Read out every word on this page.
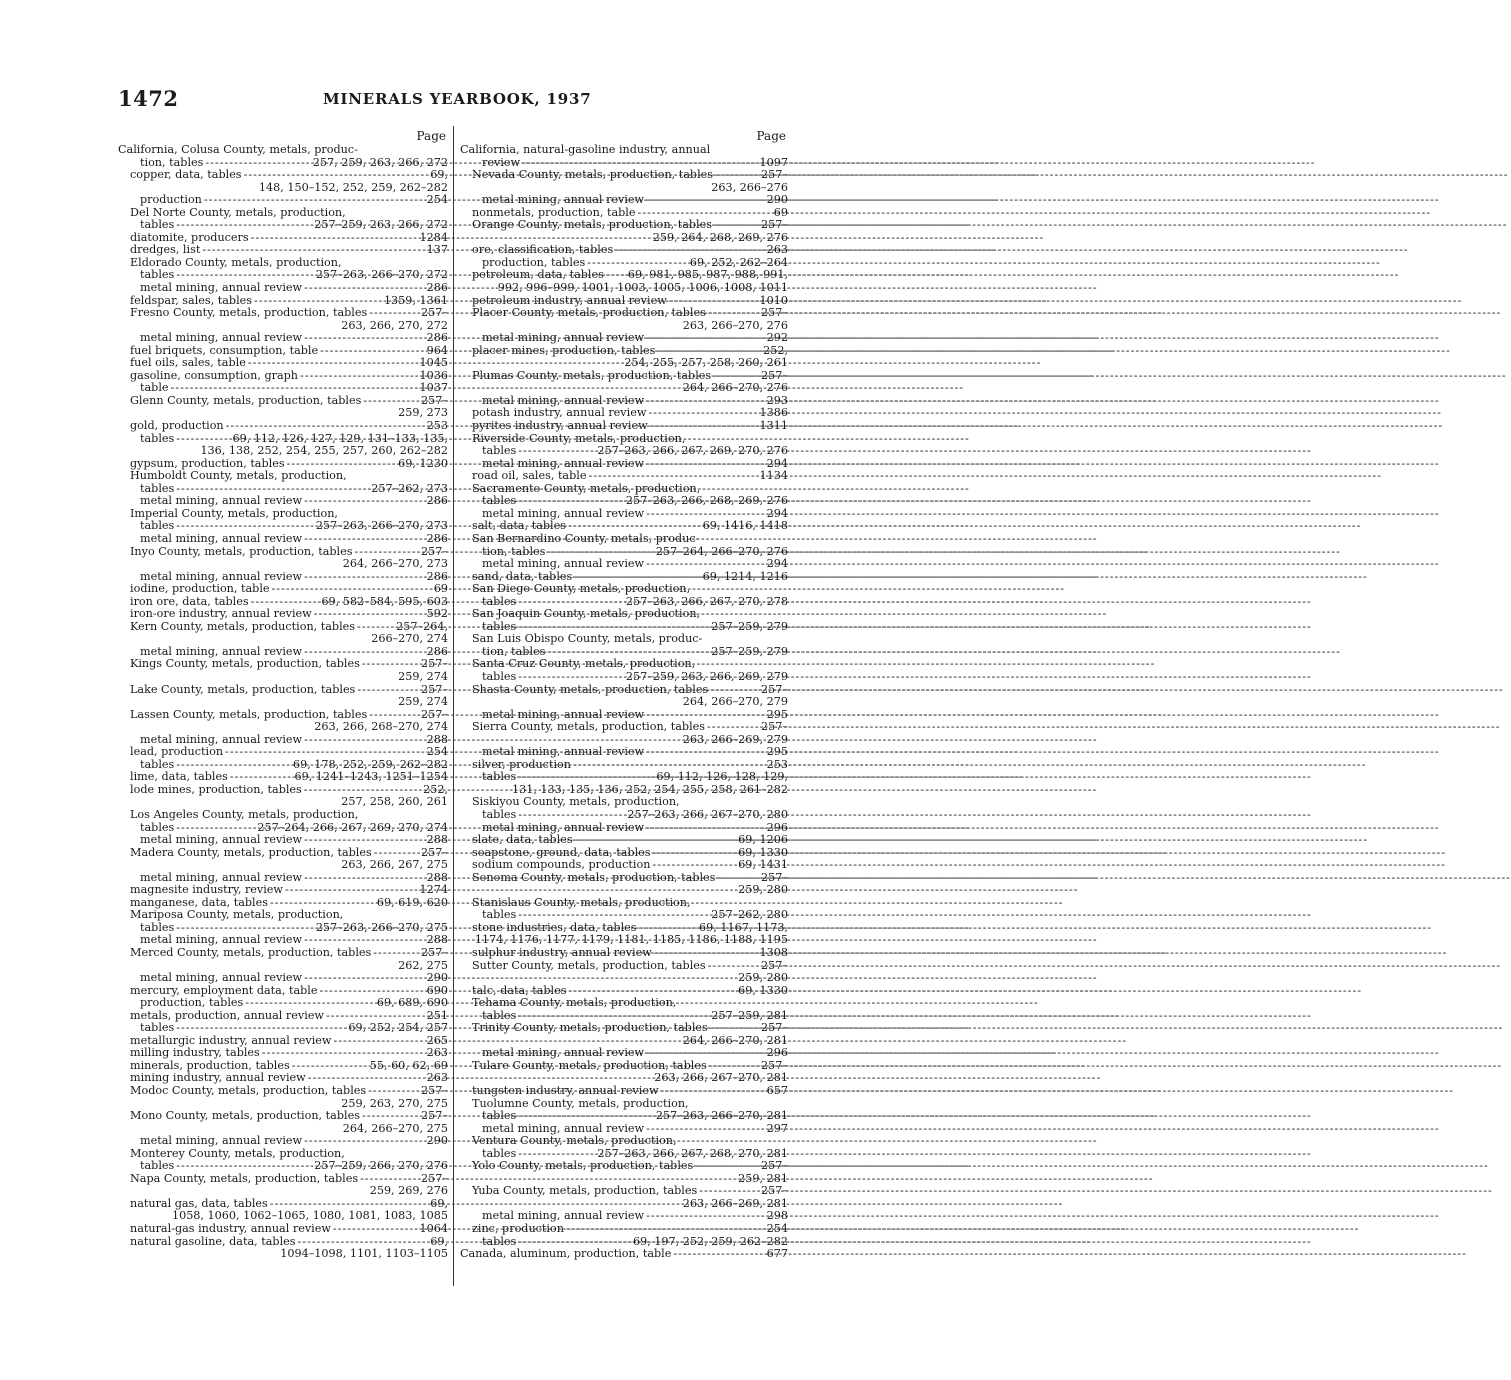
1472	MINERALS YEARBOOK, 1937
Page
California, Colusa County, metals, produc-
tion, tables -----	257, 259, 263, 266, 272
copper, data, tables -----	69,
148, 150–152, 252, 259, 262–282
production -----	254
Del Norte County, metals, production,
tables -----	257–259, 263, 266, 272
diatomite, producers -----	1284
dredges, list -----	137
Eldorado County, metals, production,
tables -----	257–263, 266–270, 272
metal mining, annual review -----	286
feldspar, sales, tables -----	1359, 1361
Fresno County, metals, production, tables -----	257–
263, 266, 270, 272
metal mining, annual review -----	286
fuel briquets, consumption, table -----	964
fuel oils, sales, table -----	1045
gasoline, consumption, graph -----	1036
table -----	1037
Glenn County, metals, production, tables -----	257–
259, 273
gold, production -----	253
tables -----	69, 112, 126, 127, 129, 131–133, 135,
136, 138, 252, 254, 255, 257, 260, 262–282
gypsum, production, tables -----	69, 1230
Humboldt County, metals, production,
tables -----	257–262, 273
metal mining, annual review -----	286
Imperial County, metals, production,
tables -----	257–263, 266–270, 273
metal mining, annual review -----	286
Inyo County, metals, production, tables -----	257–
264, 266–270, 273
metal mining, annual review -----	286
iodine, production, table -----	69
iron ore, data, tables -----	69, 582–584, 595, 603
iron-ore industry, annual review -----	592
Kern County, metals, production, tables -----	257–264,
266–270, 274
metal mining, annual review -----	286
Kings County, metals, production, tables -----	257–
259, 274
Lake County, metals, production, tables -----	257–
259, 274
Lassen County, metals, production, tables -----	257–
263, 266, 268–270, 274
metal mining, annual review -----	288
lead, production -----	254
tables -----	69, 178, 252, 259, 262–282
lime, data, tables -----	69, 1241–1243, 1251–1254
lode mines, production, tables -----	252,
257, 258, 260, 261
Los Angeles County, metals, production,
tables -----	257–264, 266, 267, 269, 270, 274
metal mining, annual review -----	288
Madera County, metals, production, tables -----	257–
263, 266, 267, 275
metal mining, annual review -----	288
magnesite industry, review -----	1274
manganese, data, tables -----	69, 619, 620
Mariposa County, metals, production,
tables -----	257–263, 266–270, 275
metal mining, annual review -----	288
Merced County, metals, production, tables -----	257–
262, 275
metal mining, annual review -----	290
mercury, employment data, table -----	690
production, tables -----	69, 689, 690
metals, production, annual review -----	251
tables -----	69, 252, 254, 257
metallurgic industry, annual review -----	265
milling industry, tables -----	263
minerals, production, tables -----	55, 60, 62, 69
mining industry, annual review -----	263
Modoc County, metals, production, tables -----	257–
259, 263, 270, 275
Mono County, metals, production, tables -----	257–
264, 266–270, 275
metal mining, annual review -----	290
Monterey County, metals, production,
tables -----	257–259, 266, 270, 276
Napa County, metals, production, tables -----	257–
259, 269, 276
natural gas, data, tables -----	69,
1058, 1060, 1062–1065, 1080, 1081, 1083, 1085
natural-gas industry, annual review -----	1064
natural gasoline, data, tables -----	69,
1094–1098, 1101, 1103–1105
Page
California, natural-gasoline industry, annual
review -----	1097
Nevada County, metals, production, tables -----	257–
263, 266–276
metal mining, annual review -----	290
nonmetals, production, table -----	69
Orange County, metals, production, tables -----	257–
259, 264, 268, 269, 276
ore, classification, tables -----	263
production, tables -----	69, 252, 262–264
petroleum, data, tables ----- 69, 981, 985, 987, 988, 991,
992, 996–999, 1001, 1003, 1005, 1006, 1008, 1011
petroleum industry, annual review -----	1010
Placer County, metals, production, tables -----	257–
263, 266–270, 276
metal mining, annual review -----	292
placer mines, production, tables -----	252,
254, 255, 257, 258, 260, 261
Plumas County, metals, production, tables -----	257–
264, 266–270, 276
metal mining, annual review -----	293
potash industry, annual review -----	1386
pyrites industry, annual review -----	1311
Riverside County, metals, production,
tables -----	257–263, 266, 267, 269, 270, 276
metal mining, annual review -----	294
road oil, sales, table -----	1134
Sacramento County, metals, production,
tables -----	257–263, 266, 268, 269, 276
metal mining, annual review -----	294
salt, data, tables -----	69, 1416, 1418
San Bernardino County, metals, produc-
tion, tables -----	257–264, 266–270, 276
metal mining, annual review -----	294
sand, data, tables -----	69, 1214, 1216
San Diego County, metals, production,
tables -----	257–263, 266, 267, 270, 278
San Joaquin County, metals, production,
tables -----	257–259, 279
San Luis Obispo County, metals, produc-
tion, tables -----	257–259, 279
Santa Cruz County, metals, production,
tables -----	257–259, 263, 266, 269, 279
Shasta County, metals, production, tables -----	257–
264, 266–270, 279
metal mining, annual review -----	295
Sierra County, metals, production, tables -----	257–
263, 266–269, 279
metal mining, annual review -----	295
silver, production -----	253
tables -----	69, 112, 126, 128, 129,
131, 133, 135, 136, 252, 254, 255, 258, 261–282
Siskiyou County, metals, production,
tables -----	257–263, 266, 267–270, 280
metal mining, annual review -----	296
slate, data, tables -----	69, 1206
soapstone, ground, data, tables -----	69, 1330
sodium compounds, production -----	69, 1431
Sonoma County, metals, production, tables -----	257–
259, 280
Stanislaus County, metals, production,
tables -----	257–262, 280
stone industries, data, tables -----	69, 1167, 1173,
1174, 1176, 1177, 1179, 1181, 1185, 1186, 1188, 1195
sulphur industry, annual review -----	1308
Sutter County, metals, production, tables -----	257–
259, 280
talc, data, tables -----	69, 1330
Tehama County, metals, production,
tables -----	257–259, 281
Trinity County, metals, production, tables -----	257–
264, 266–270, 281
metal mining, annual review -----	296
Tulare County, metals, production, tables -----	257–
263, 266, 267–270, 281
tungsten industry, annual review -----	657
Tuolumne County, metals, production,
tables -----	257–263, 266–270, 281
metal mining, annual review -----	297
Ventura County, metals, production,
tables -----	257–263, 266, 267, 268, 270, 281
Yolo County, metals, production, tables -----	257–
259, 281
Yuba County, metals, production, tables -----	257–
263, 266–269, 281
metal mining, annual review -----	298
zinc, production -----	254
tables -----	69, 197, 252, 259, 262–282
Canada, aluminum, production, table -----	677
